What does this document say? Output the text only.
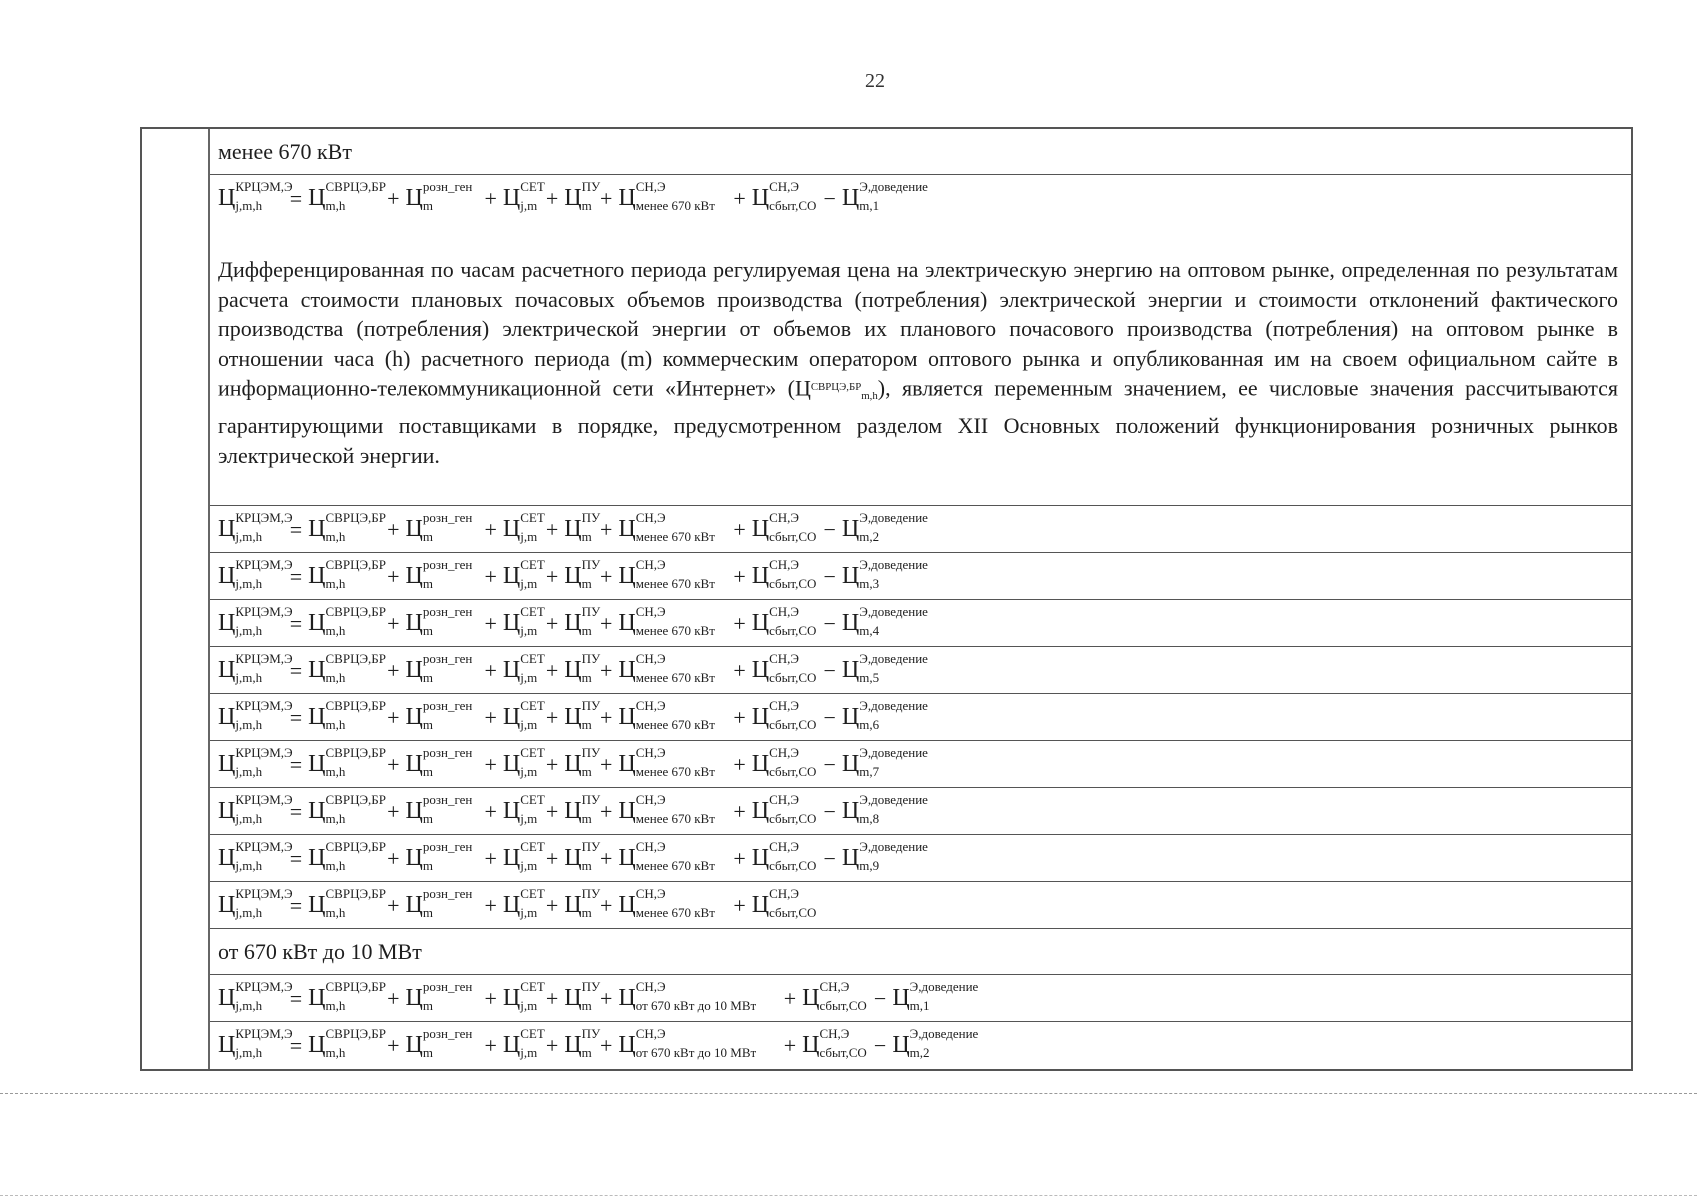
22
менее 670 кВт
Ц КРЦЭМ,Э
j,m,h = Ц СВРЦЭ,БР
m,h + Ц розн_ген
m + Ц СЕТ
j,m + Ц ПУ
m + Ц СН,Э
менее 670 кВт + Ц СН,Э
сбыт,СО − Ц Э,доведение
m,1
Дифференцированная по часам расчетного периода регулируемая цена на электрическую энергию на оптовом рынке, определенная по результатам расчета стоимости плановых почасовых объемов производства (потребления) электрической энергии и стоимости отклонений фактического производства (потребления) электрической энергии от объемов их планового почасового производства (потребления) на оптовом рынке в отношении часа (h) расчетного периода (m) коммерческим оператором оптового рынка и опубликованная им на своем официальном сайте в информационно-телекоммуникационной сети «Интернет» $(Ц^{СВРЦЭ,БР}_{m,h})$, является переменным значением, ее числовые значения рассчитываются гарантирующими поставщиками в порядке, предусмотренном разделом XII Основных положений функционирования розничных рынков электрической энергии.
Ц КРЦЭМ,Э
j,m,h = Ц СВРЦЭ,БР
m,h + Ц розн_ген
m + Ц СЕТ
j,m + Ц ПУ
m + Ц СН,Э
менее 670 кВт + Ц СН,Э
сбыт,СО − Ц Э,доведение
m,2
Ц КРЦЭМ,Э
j,m,h = Ц СВРЦЭ,БР
m,h + Ц розн_ген
m + Ц СЕТ
j,m + Ц ПУ
m + Ц СН,Э
менее 670 кВт + Ц СН,Э
сбыт,СО − Ц Э,доведение
m,3
Ц КРЦЭМ,Э
j,m,h = Ц СВРЦЭ,БР
m,h + Ц розн_ген
m + Ц СЕТ
j,m + Ц ПУ
m + Ц СН,Э
менее 670 кВт + Ц СН,Э
сбыт,СО − Ц Э,доведение
m,4
Ц КРЦЭМ,Э
j,m,h = Ц СВРЦЭ,БР
m,h + Ц розн_ген
m + Ц СЕТ
j,m + Ц ПУ
m + Ц СН,Э
менее 670 кВт + Ц СН,Э
сбыт,СО − Ц Э,доведение
m,5
Ц КРЦЭМ,Э
j,m,h = Ц СВРЦЭ,БР
m,h + Ц розн_ген
m + Ц СЕТ
j,m + Ц ПУ
m + Ц СН,Э
менее 670 кВт + Ц СН,Э
сбыт,СО − Ц Э,доведение
m,6
Ц КРЦЭМ,Э
j,m,h = Ц СВРЦЭ,БР
m,h + Ц розн_ген
m + Ц СЕТ
j,m + Ц ПУ
m + Ц СН,Э
менее 670 кВт + Ц СН,Э
сбыт,СО − Ц Э,доведение
m,7
Ц КРЦЭМ,Э
j,m,h = Ц СВРЦЭ,БР
m,h + Ц розн_ген
m + Ц СЕТ
j,m + Ц ПУ
m + Ц СН,Э
менее 670 кВт + Ц СН,Э
сбыт,СО − Ц Э,доведение
m,8
Ц КРЦЭМ,Э
j,m,h = Ц СВРЦЭ,БР
m,h + Ц розн_ген
m + Ц СЕТ
j,m + Ц ПУ
m + Ц СН,Э
менее 670 кВт + Ц СН,Э
сбыт,СО − Ц Э,доведение
m,9
Ц КРЦЭМ,Э
j,m,h = Ц СВРЦЭ,БР
m,h + Ц розн_ген
m + Ц СЕТ
j,m + Ц ПУ
m + Ц СН,Э
менее 670 кВт + Ц СН,Э
сбыт,СО
от 670 кВт до 10 МВт
Ц КРЦЭМ,Э
j,m,h = Ц СВРЦЭ,БР
m,h + Ц розн_ген
m + Ц СЕТ
j,m + Ц ПУ
m + Ц СН,Э
от 670 кВт до 10 МВт + Ц СН,Э
сбыт,СО − Ц Э,доведение
m,1
Ц КРЦЭМ,Э
j,m,h = Ц СВРЦЭ,БР
m,h + Ц розн_ген
m + Ц СЕТ
j,m + Ц ПУ
m + Ц СН,Э
от 670 кВт до 10 МВт + Ц СН,Э
сбыт,СО − Ц Э,доведение
m,2
